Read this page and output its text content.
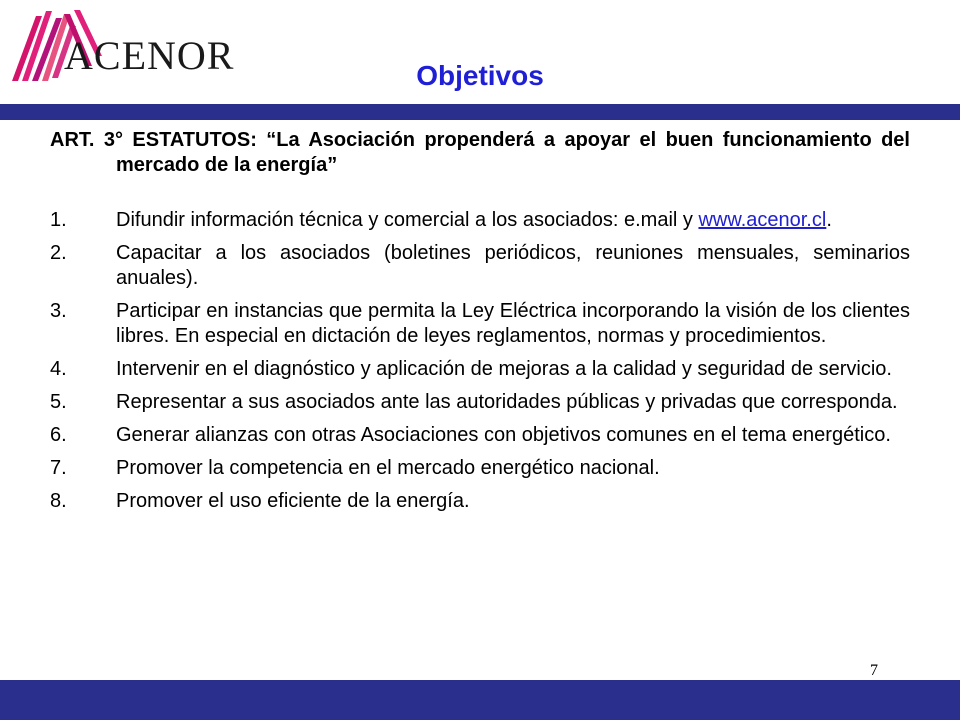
ACENOR	Objetivos

ART. 3° ESTATUTOS: “La Asociación propenderá a apoyar el buen funcionamiento del mercado de la energía”

1. Difundir información técnica y comercial a los asociados: e.mail y www.acenor.cl.
2. Capacitar a los asociados (boletines periódicos, reuniones mensuales, seminarios anuales).
3. Participar en instancias que permita la Ley Eléctrica incorporando la visión de los clientes libres. En especial en dictación de leyes reglamentos, normas y procedimientos.
4. Intervenir en el diagnóstico y aplicación de mejoras a la calidad y seguridad de servicio.
5. Representar a sus asociados ante las autoridades públicas y privadas que corresponda.
6. Generar alianzas con otras Asociaciones con objetivos comunes en el tema energético.
7. Promover la competencia en el mercado energético nacional.
8. Promover el uso eficiente de la energía.
7
